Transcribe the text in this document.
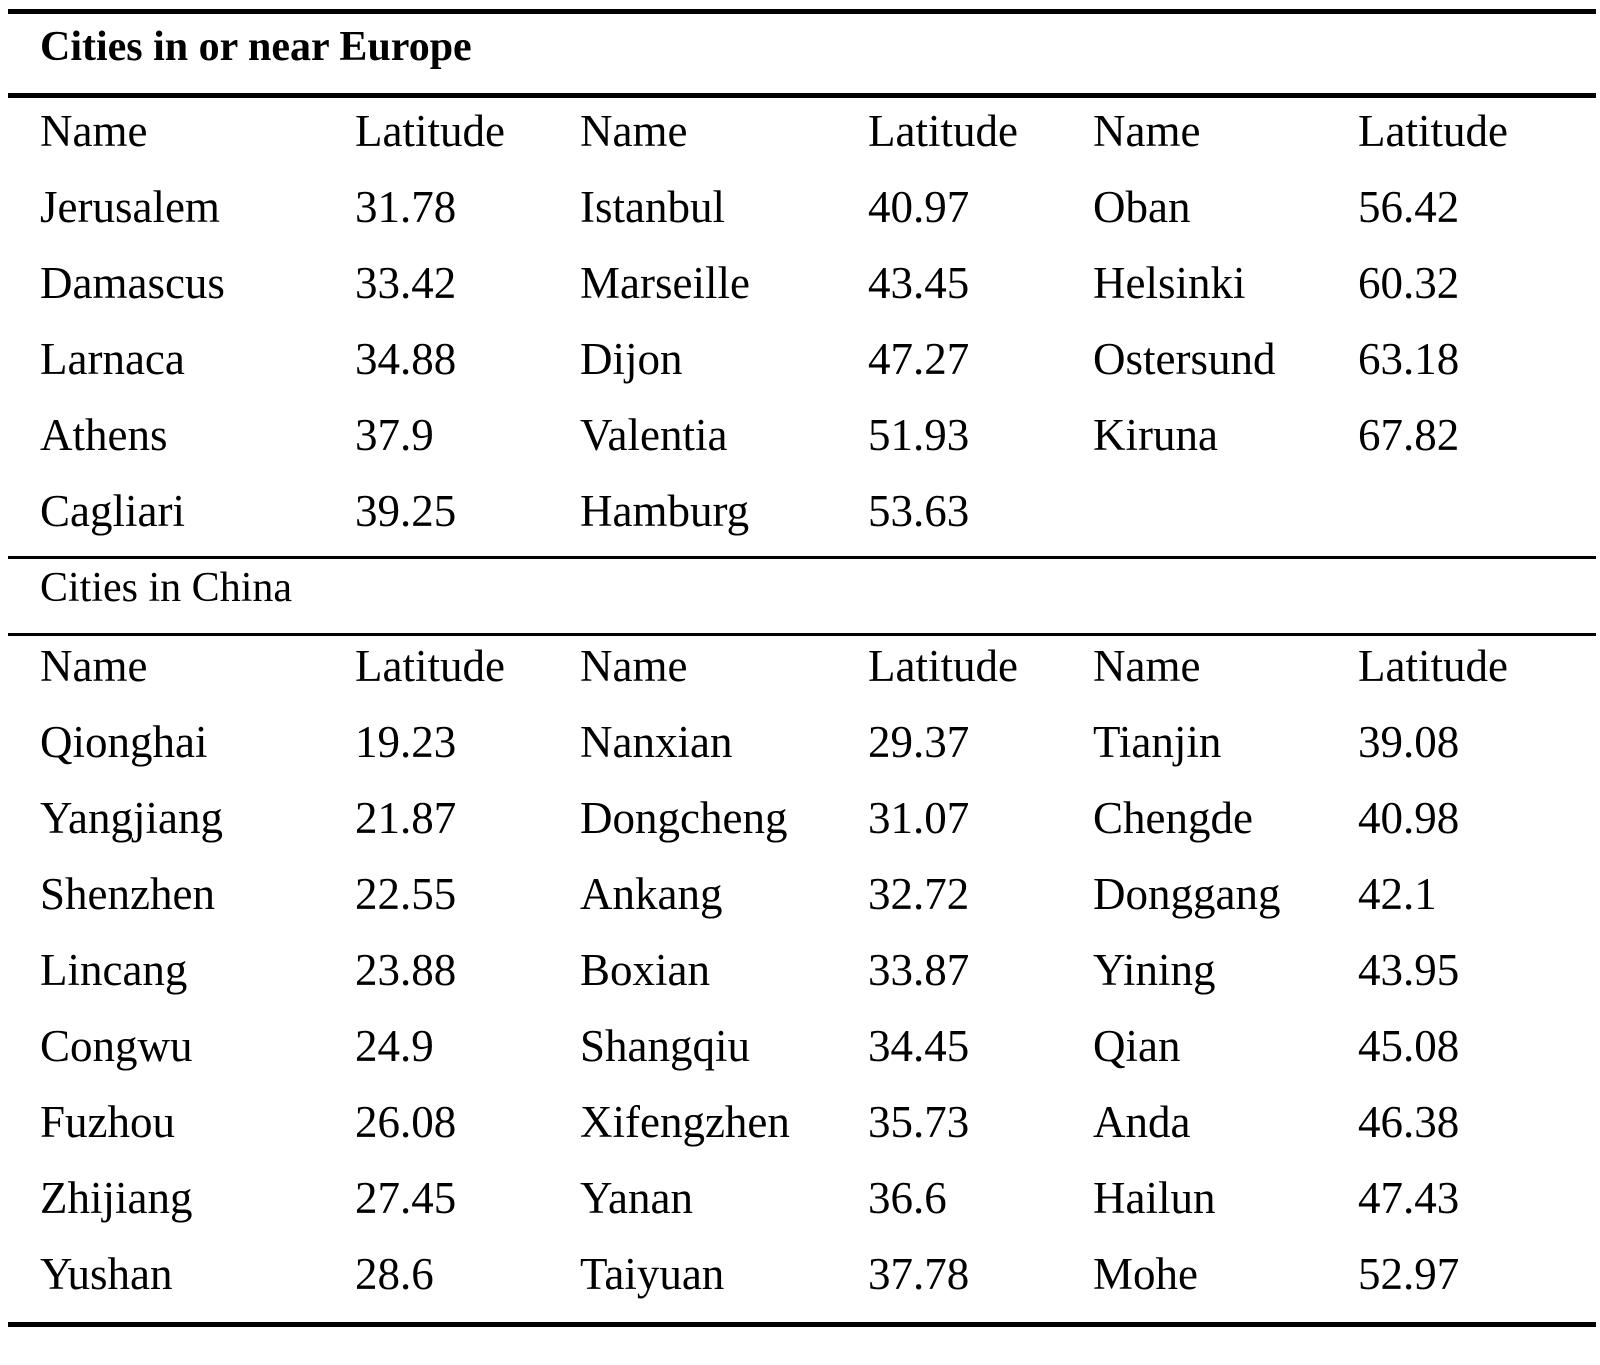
Cities in or near Europe
Name	Latitude Name	Latitude Name	Latitude
Jerusalem	31.78	Istanbul	40.97	Oban	56.42
Damascus	33.42	Marseille	43.45	Helsinki	60.32
Larnaca	34.88	Dijon	47.27	Ostersund 63.18
Athens	37.9	Valentia	51.93	Kiruna	67.82
Cagliari	39.25	Hamburg	53.63
Cities in China
Name	Latitude Name	Latitude Name	Latitude
Qionghai	19.23	Nanxian	29.37	Tianjin	39.08
Yangjiang	21.87	Dongcheng 31.07	Chengde 40.98
Shenzhen	22.55	Ankang	32.72	Donggang 42.1
Lincang	23.88	Boxian	33.87	Yining	43.95
Congwu	24.9	Shangqiu	34.45	Qian	45.08
Fuzhou	26.08	Xifengzhen 35.73	Anda	46.38
Zhijiang	27.45	Yanan	36.6	Hailun	47.43
Yushan	28.6	Taiyuan	37.78	Mohe	52.97
